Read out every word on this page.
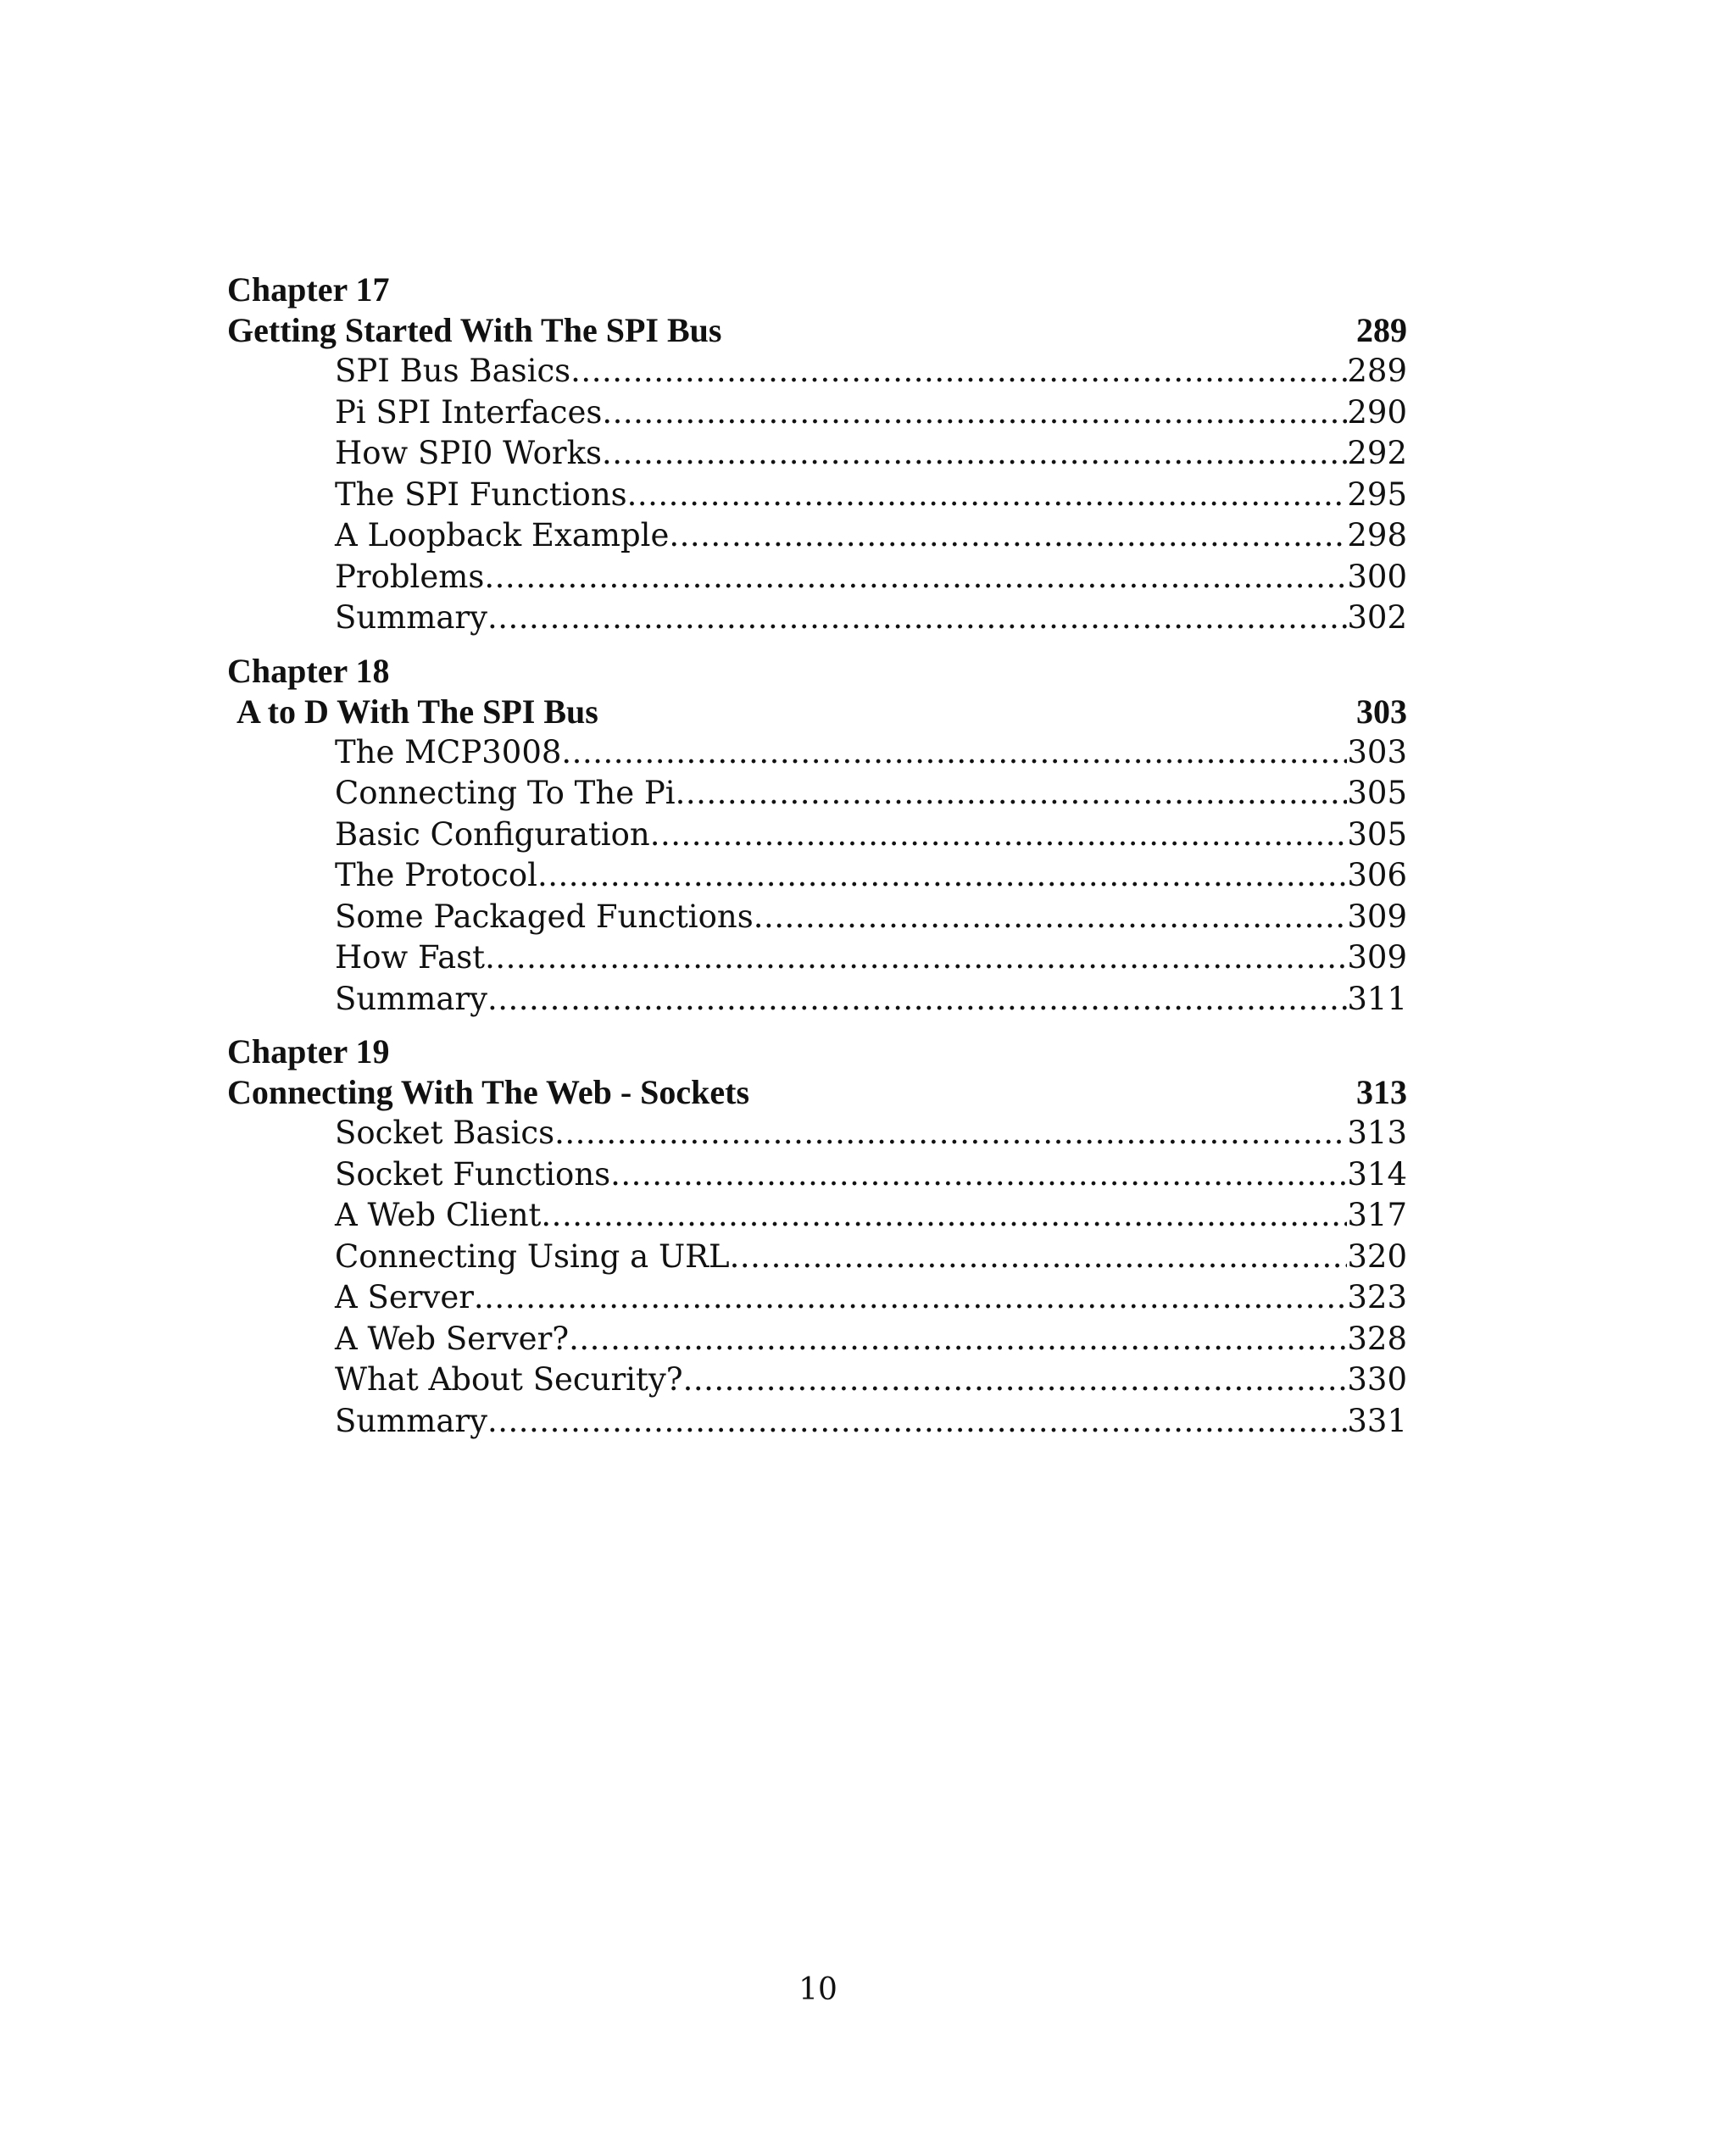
Chapter 17
Getting Started With The SPI Bus	289
SPI Bus Basics .....	289
Pi SPI Interfaces .....	290
How SPI0 Works .....	292
The SPI Functions .....	295
A Loopback Example .....	298
Problems .....	300
Summary .....	302
Chapter 18
A to D With The SPI Bus	303
The MCP3008 .....	303
Connecting To The Pi .....	305
Basic Configuration .....	305
The Protocol .....	306
Some Packaged Functions .....	309
How Fast .....	309
Summary .....	311
Chapter 19
Connecting With The Web - Sockets	313
Socket Basics .....	313
Socket Functions .....	314
A Web Client .....	317
Connecting Using a URL .....	320
A Server .....	323
A Web Server? .....	328
What About Security? .....	330
Summary .....	331
10
